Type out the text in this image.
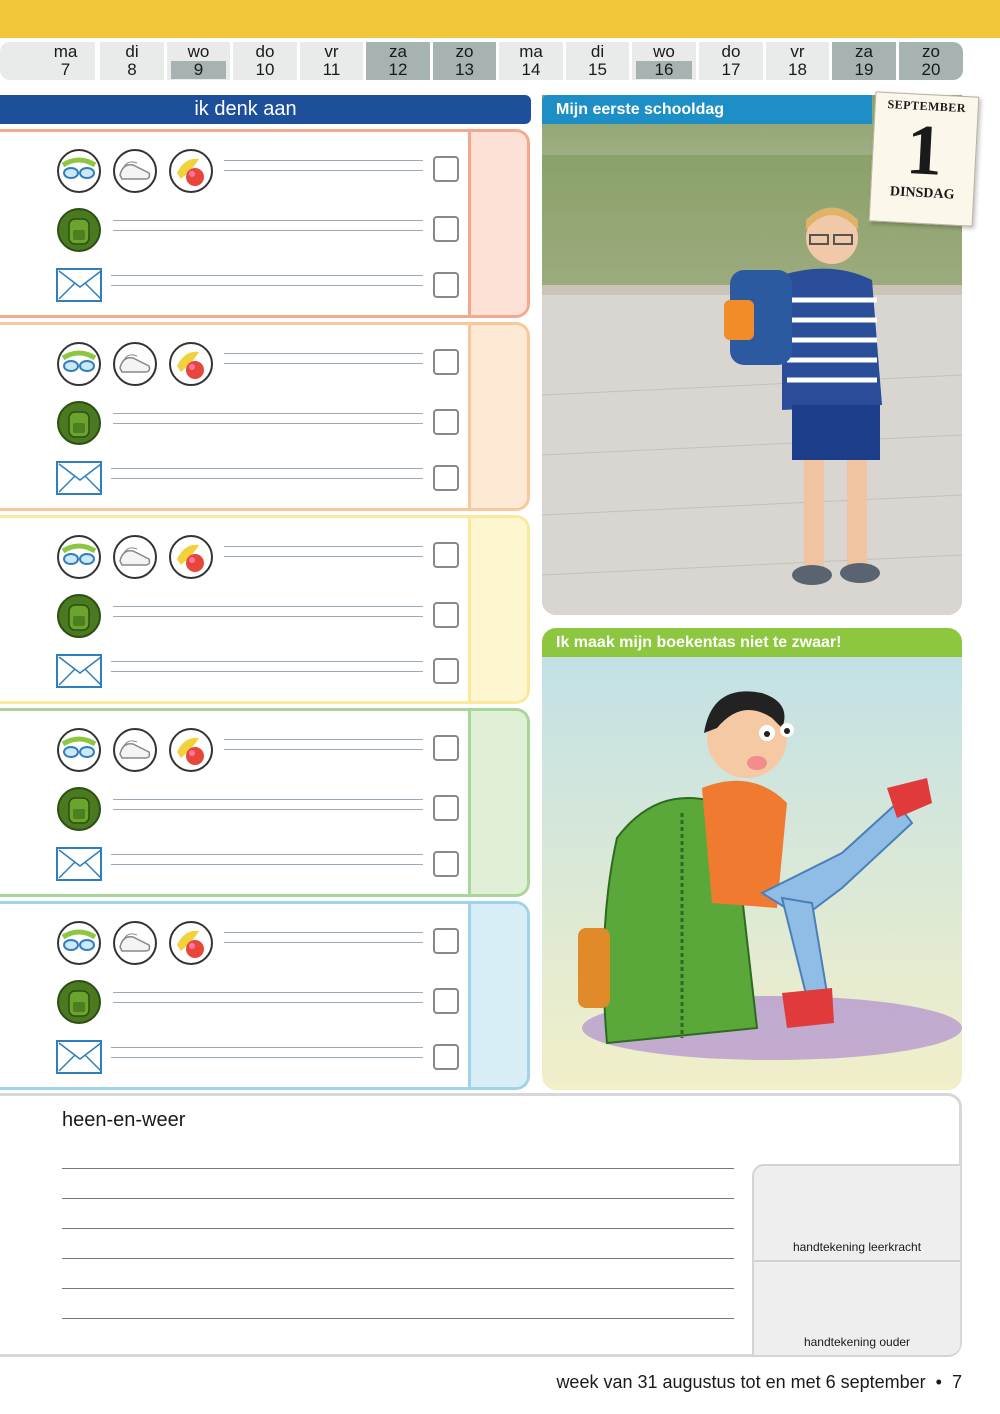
ma
7
di
8
wo
9
do
10
vr
11
za
12
zo
13
ma
14
di
15
wo
16
do
17
vr
18
za
19
zo
20
ik denk aan	Mijn eerste schooldag	SEPTEMBER
1
DINSDAG
Ik maak mijn boekentas niet te zwaar!
heen-en-weer
handtekening leerkracht
handtekening ouder
week van 31 augustus tot en met 6 september  •  7
